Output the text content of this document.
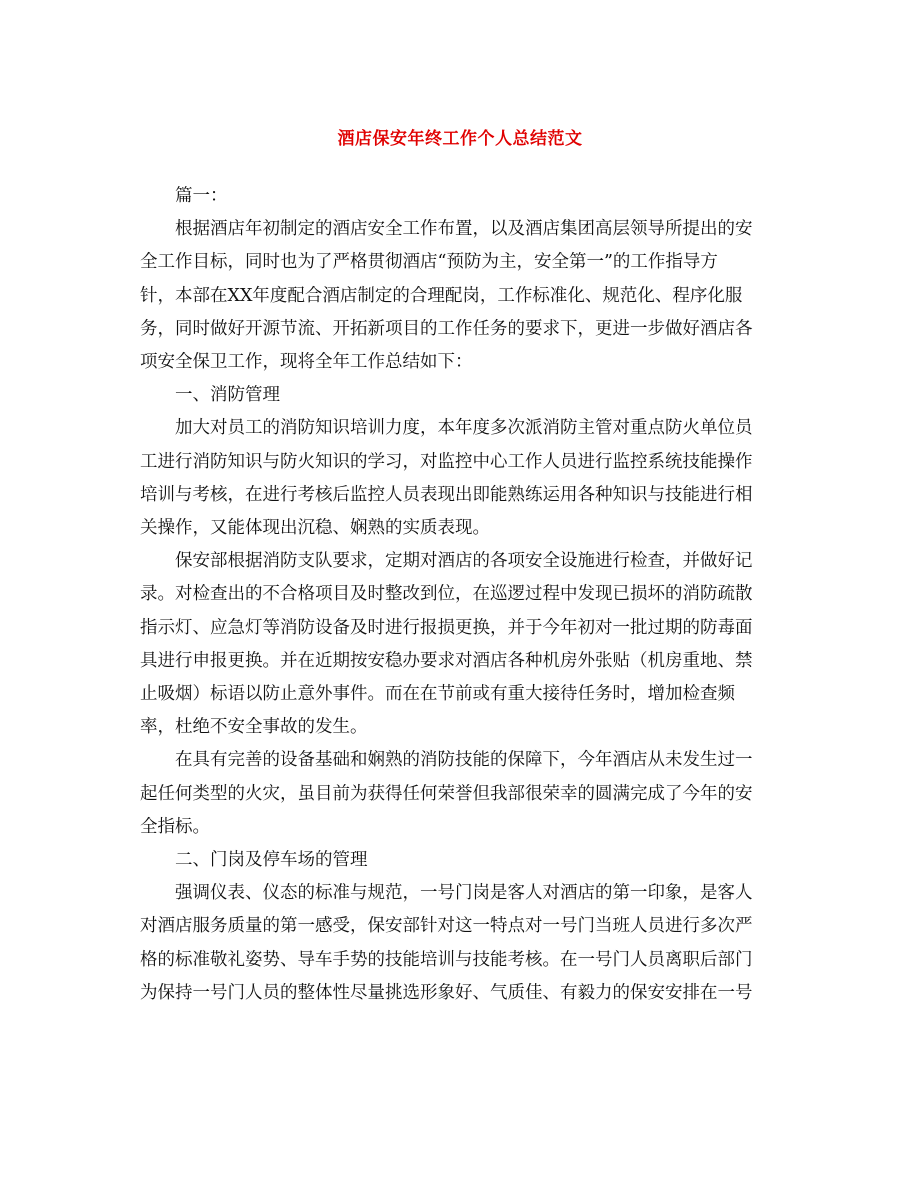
酒店保安年终工作个人总结范文

篇一：

根据酒店年初制定的酒店安全工作布置，以及酒店集团高层领导所提出的安
全工作目标，同时也为了严格贯彻酒店“预防为主，安全第一”的工作指导方
针，本部在XX年度配合酒店制定的合理配岗，工作标准化、规范化、程序化服
务，同时做好开源节流、开拓新项目的工作任务的要求下，更进一步做好酒店各
项安全保卫工作，现将全年工作总结如下：

一、消防管理

加大对员工的消防知识培训力度，本年度多次派消防主管对重点防火单位员
工进行消防知识与防火知识的学习，对监控中心工作人员进行监控系统技能操作
培训与考核，在进行考核后监控人员表现出即能熟练运用各种知识与技能进行相
关操作，又能体现出沉稳、娴熟的实质表现。

保安部根据消防支队要求，定期对酒店的各项安全设施进行检查，并做好记
录。对检查出的不合格项目及时整改到位，在巡逻过程中发现已损坏的消防疏散
指示灯、应急灯等消防设备及时进行报损更换，并于今年初对一批过期的防毒面
具进行申报更换。并在近期按安稳办要求对酒店各种机房外张贴（机房重地、禁
止吸烟）标语以防止意外事件。而在在节前或有重大接待任务时，增加检查频
率，杜绝不安全事故的发生。

在具有完善的设备基础和娴熟的消防技能的保障下，今年酒店从未发生过一
起任何类型的火灾，虽目前为获得任何荣誉但我部很荣幸的圆满完成了今年的安
全指标。

二、门岗及停车场的管理

强调仪表、仪态的标准与规范，一号门岗是客人对酒店的第一印象，是客人
对酒店服务质量的第一感受，保安部针对这一特点对一号门当班人员进行多次严
格的标准敬礼姿势、导车手势的技能培训与技能考核。在一号门人员离职后部门
为保持一号门人员的整体性尽量挑选形象好、气质佳、有毅力的保安安排在一号
